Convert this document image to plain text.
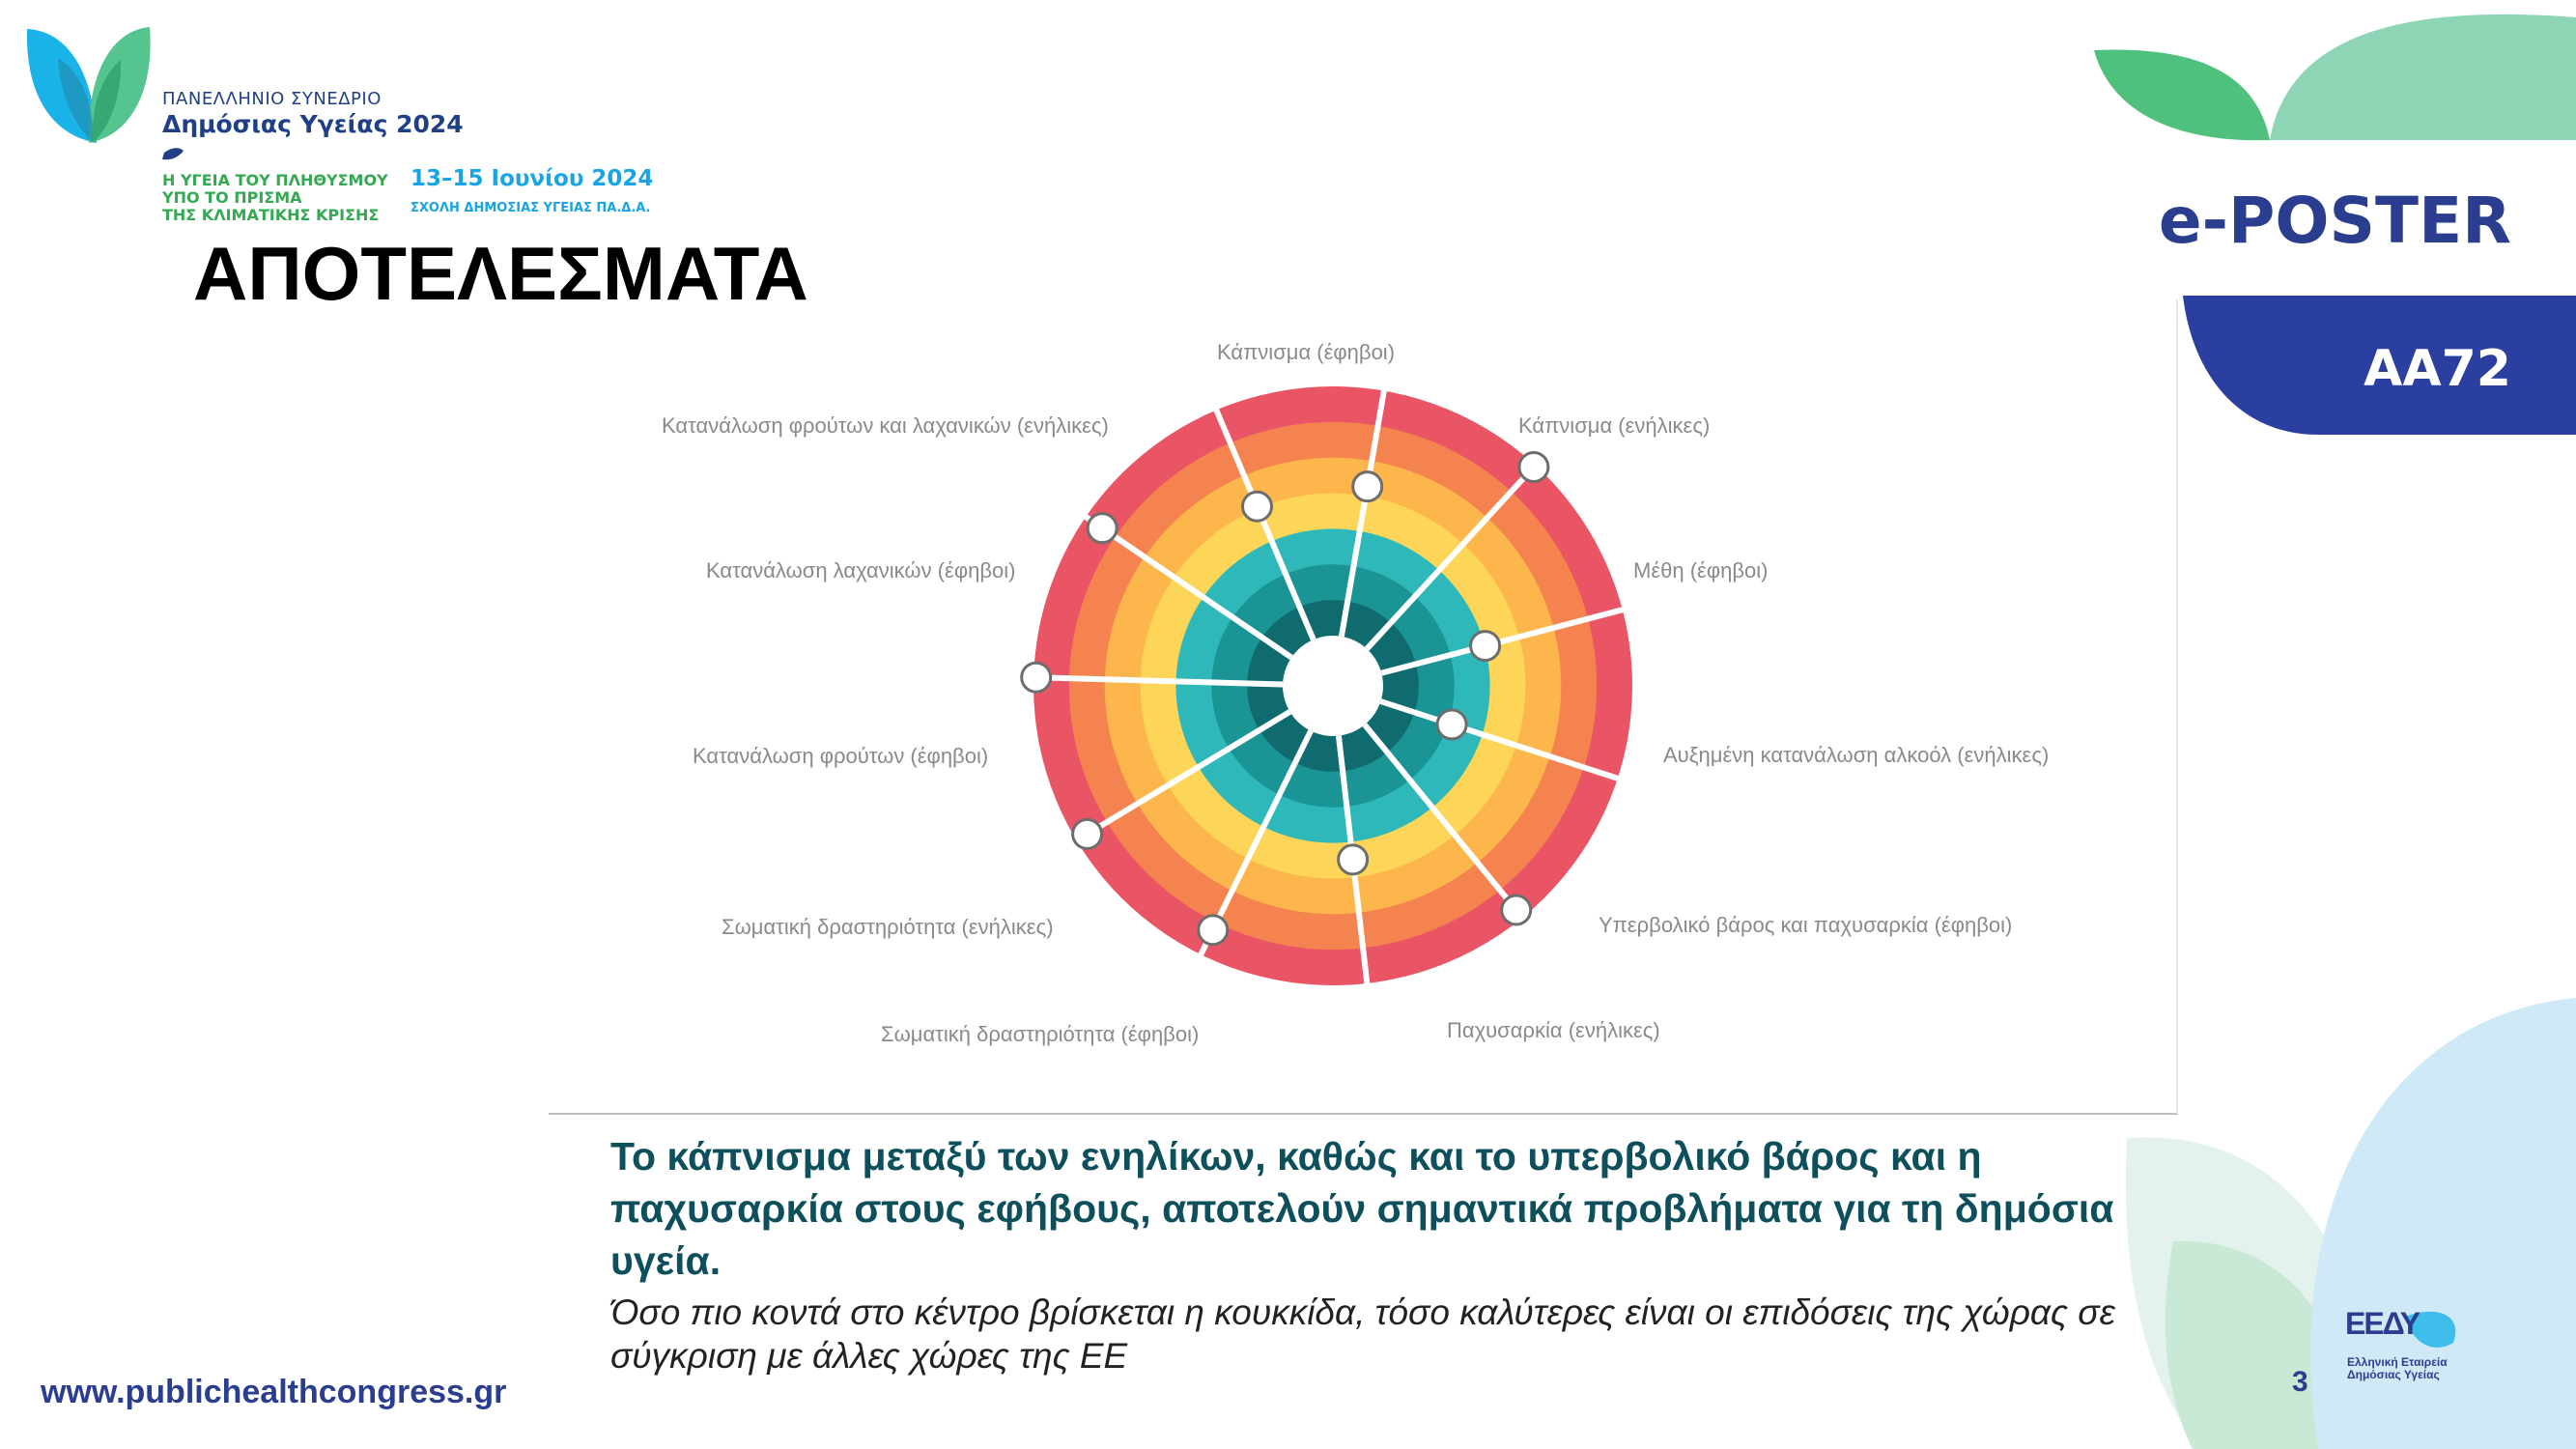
ΠΑΝΕΛΛΗΝΙΟ ΣΥΝΕΔΡΙΟ
Δημόσιας Υγείας 2024
Η ΥΓΕΙΑ ΤΟΥ ΠΛΗΘΥΣΜΟΥ
ΥΠΟ ΤΟ ΠΡΙΣΜΑ
ΤΗΣ ΚΛΙΜΑΤΙΚΗΣ ΚΡΙΣΗΣ
13–15 Ιουνίου 2024
ΣΧΟΛΗ ΔΗΜΟΣΙΑΣ ΥΓΕΙΑΣ ΠΑ.Δ.Α.	e-POSTER
AA72
ΑΠΟΤΕΛΕΣΜΑΤΑ
Κάπνισμα (έφηβοι)
Κάπνισμα (ενήλικες)
Μέθη (έφηβοι)
Αυξημένη κατανάλωση αλκοόλ (ενήλικες)
Υπερβολικό βάρος και παχυσαρκία (έφηβοι)
Παχυσαρκία (ενήλικες)
Σωματική δραστηριότητα (έφηβοι)
Σωματική δραστηριότητα (ενήλικες)
Κατανάλωση φρούτων (έφηβοι)
Κατανάλωση λαχανικών (έφηβοι)
Κατανάλωση φρούτων και λαχανικών (ενήλικες)
Το κάπνισμα μεταξύ των ενηλίκων, καθώς και το υπερβολικό βάρος και η παχυσαρκία στους εφήβους, αποτελούν σημαντικά προβλήματα για τη δημόσια υγεία.
Όσο πιο κοντά στο κέντρο βρίσκεται η κουκκίδα, τόσο καλύτερες είναι οι επιδόσεις της χώρας σε σύγκριση με άλλες χώρες της ΕΕ
www.publichealthcongress.gr	3
ΕΕΔΥ
Ελληνική Εταιρεία
Δημόσιας Υγείας
